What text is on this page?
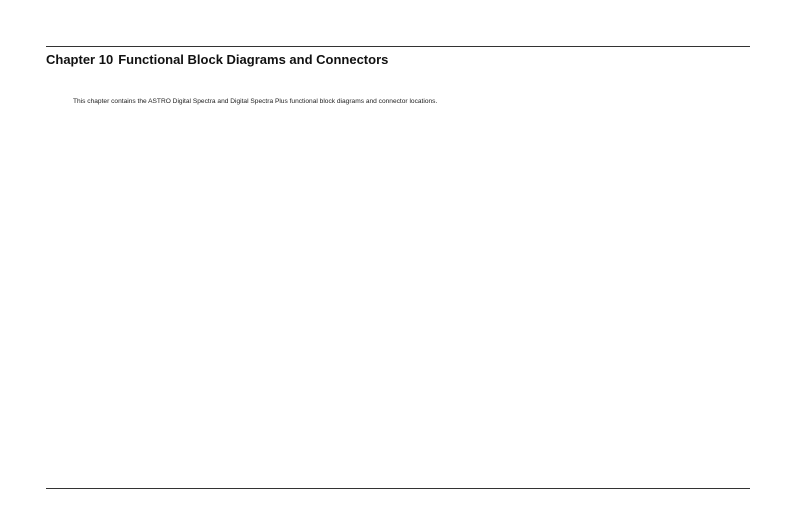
Chapter 10 Functional Block Diagrams and Connectors

This chapter contains the ASTRO Digital Spectra and Digital Spectra Plus functional block diagrams and connector locations.
